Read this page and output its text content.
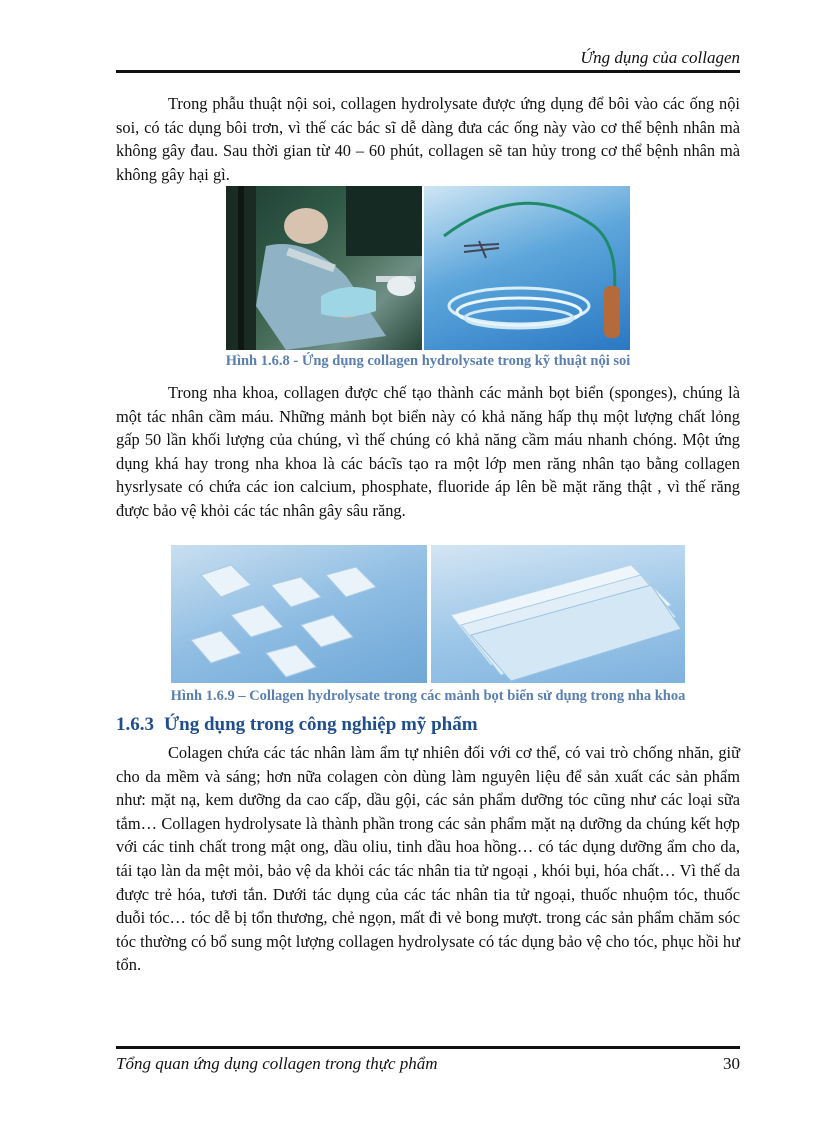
Ứng dụng của collagen

Trong phẫu thuật nội soi, collagen hydrolysate được ứng dụng để bôi vào các ống nội soi, có tác dụng bôi trơn, vì thế các bác sĩ dễ dàng đưa các ống này vào cơ thể bệnh nhân mà không gây đau. Sau thời gian từ 40 – 60 phút, collagen sẽ tan hủy trong cơ thể bệnh nhân mà không gây hại gì.

Hình 1.6.8 - Ứng dụng collagen hydrolysate trong kỹ thuật nội soi

Trong nha khoa, collagen được chế tạo thành các mảnh bọt biển (sponges), chúng là một tác nhân cầm máu. Những mảnh bọt biển này có khả năng hấp thụ một lượng chất lỏng gấp 50 lần khối lượng của chúng, vì thế chúng có khả năng cầm máu nhanh chóng. Một ứng dụng khá hay trong nha khoa là các bácĩs tạo ra một lớp men răng nhân tạo bằng collagen hysrlysate có chứa các ion calcium, phosphate, fluoride áp lên bề mặt răng thật , vì thế răng được bảo vệ khỏi các tác nhân gây sâu răng.

Hình 1.6.9 – Collagen hydrolysate trong các mảnh bọt biển sử dụng trong nha khoa
1.6.3 Ứng dụng trong công nghiệp mỹ phẩm

Colagen chứa các tác nhân làm ẩm tự nhiên đối với cơ thể, có vai trò chống nhăn, giữ cho da mềm và sáng; hơn nữa colagen còn dùng làm nguyên liệu để sản xuất các sản phẩm như: mặt nạ, kem dưỡng da cao cấp, dầu gội, các sản phẩm dưỡng tóc cũng như các loại sữa tắm… Collagen hydrolysate là thành phần trong các sản phẩm mặt nạ dưỡng da chúng kết hợp với các tinh chất trong mật ong, dầu oliu, tinh dầu hoa hồng… có tác dụng dưỡng ẩm cho da, tái tạo làn da mệt mỏi, bảo vệ da khỏi các tác nhân tia tử ngoại , khói bụi, hóa chất… Vì thế da được trẻ hóa, tươi tắn. Dưới tác dụng của các tác nhân tia tử ngoại, thuốc nhuộm tóc, thuốc duỗi tóc… tóc dễ bị tổn thương, chẻ ngọn, mất đi vẻ bong mượt. trong các sản phẩm chăm sóc tóc thường có bổ sung một lượng collagen hydrolysate có tác dụng bảo vệ cho tóc, phục hồi hư tổn.

Tổng quan ứng dụng collagen trong thực phẩm	30
